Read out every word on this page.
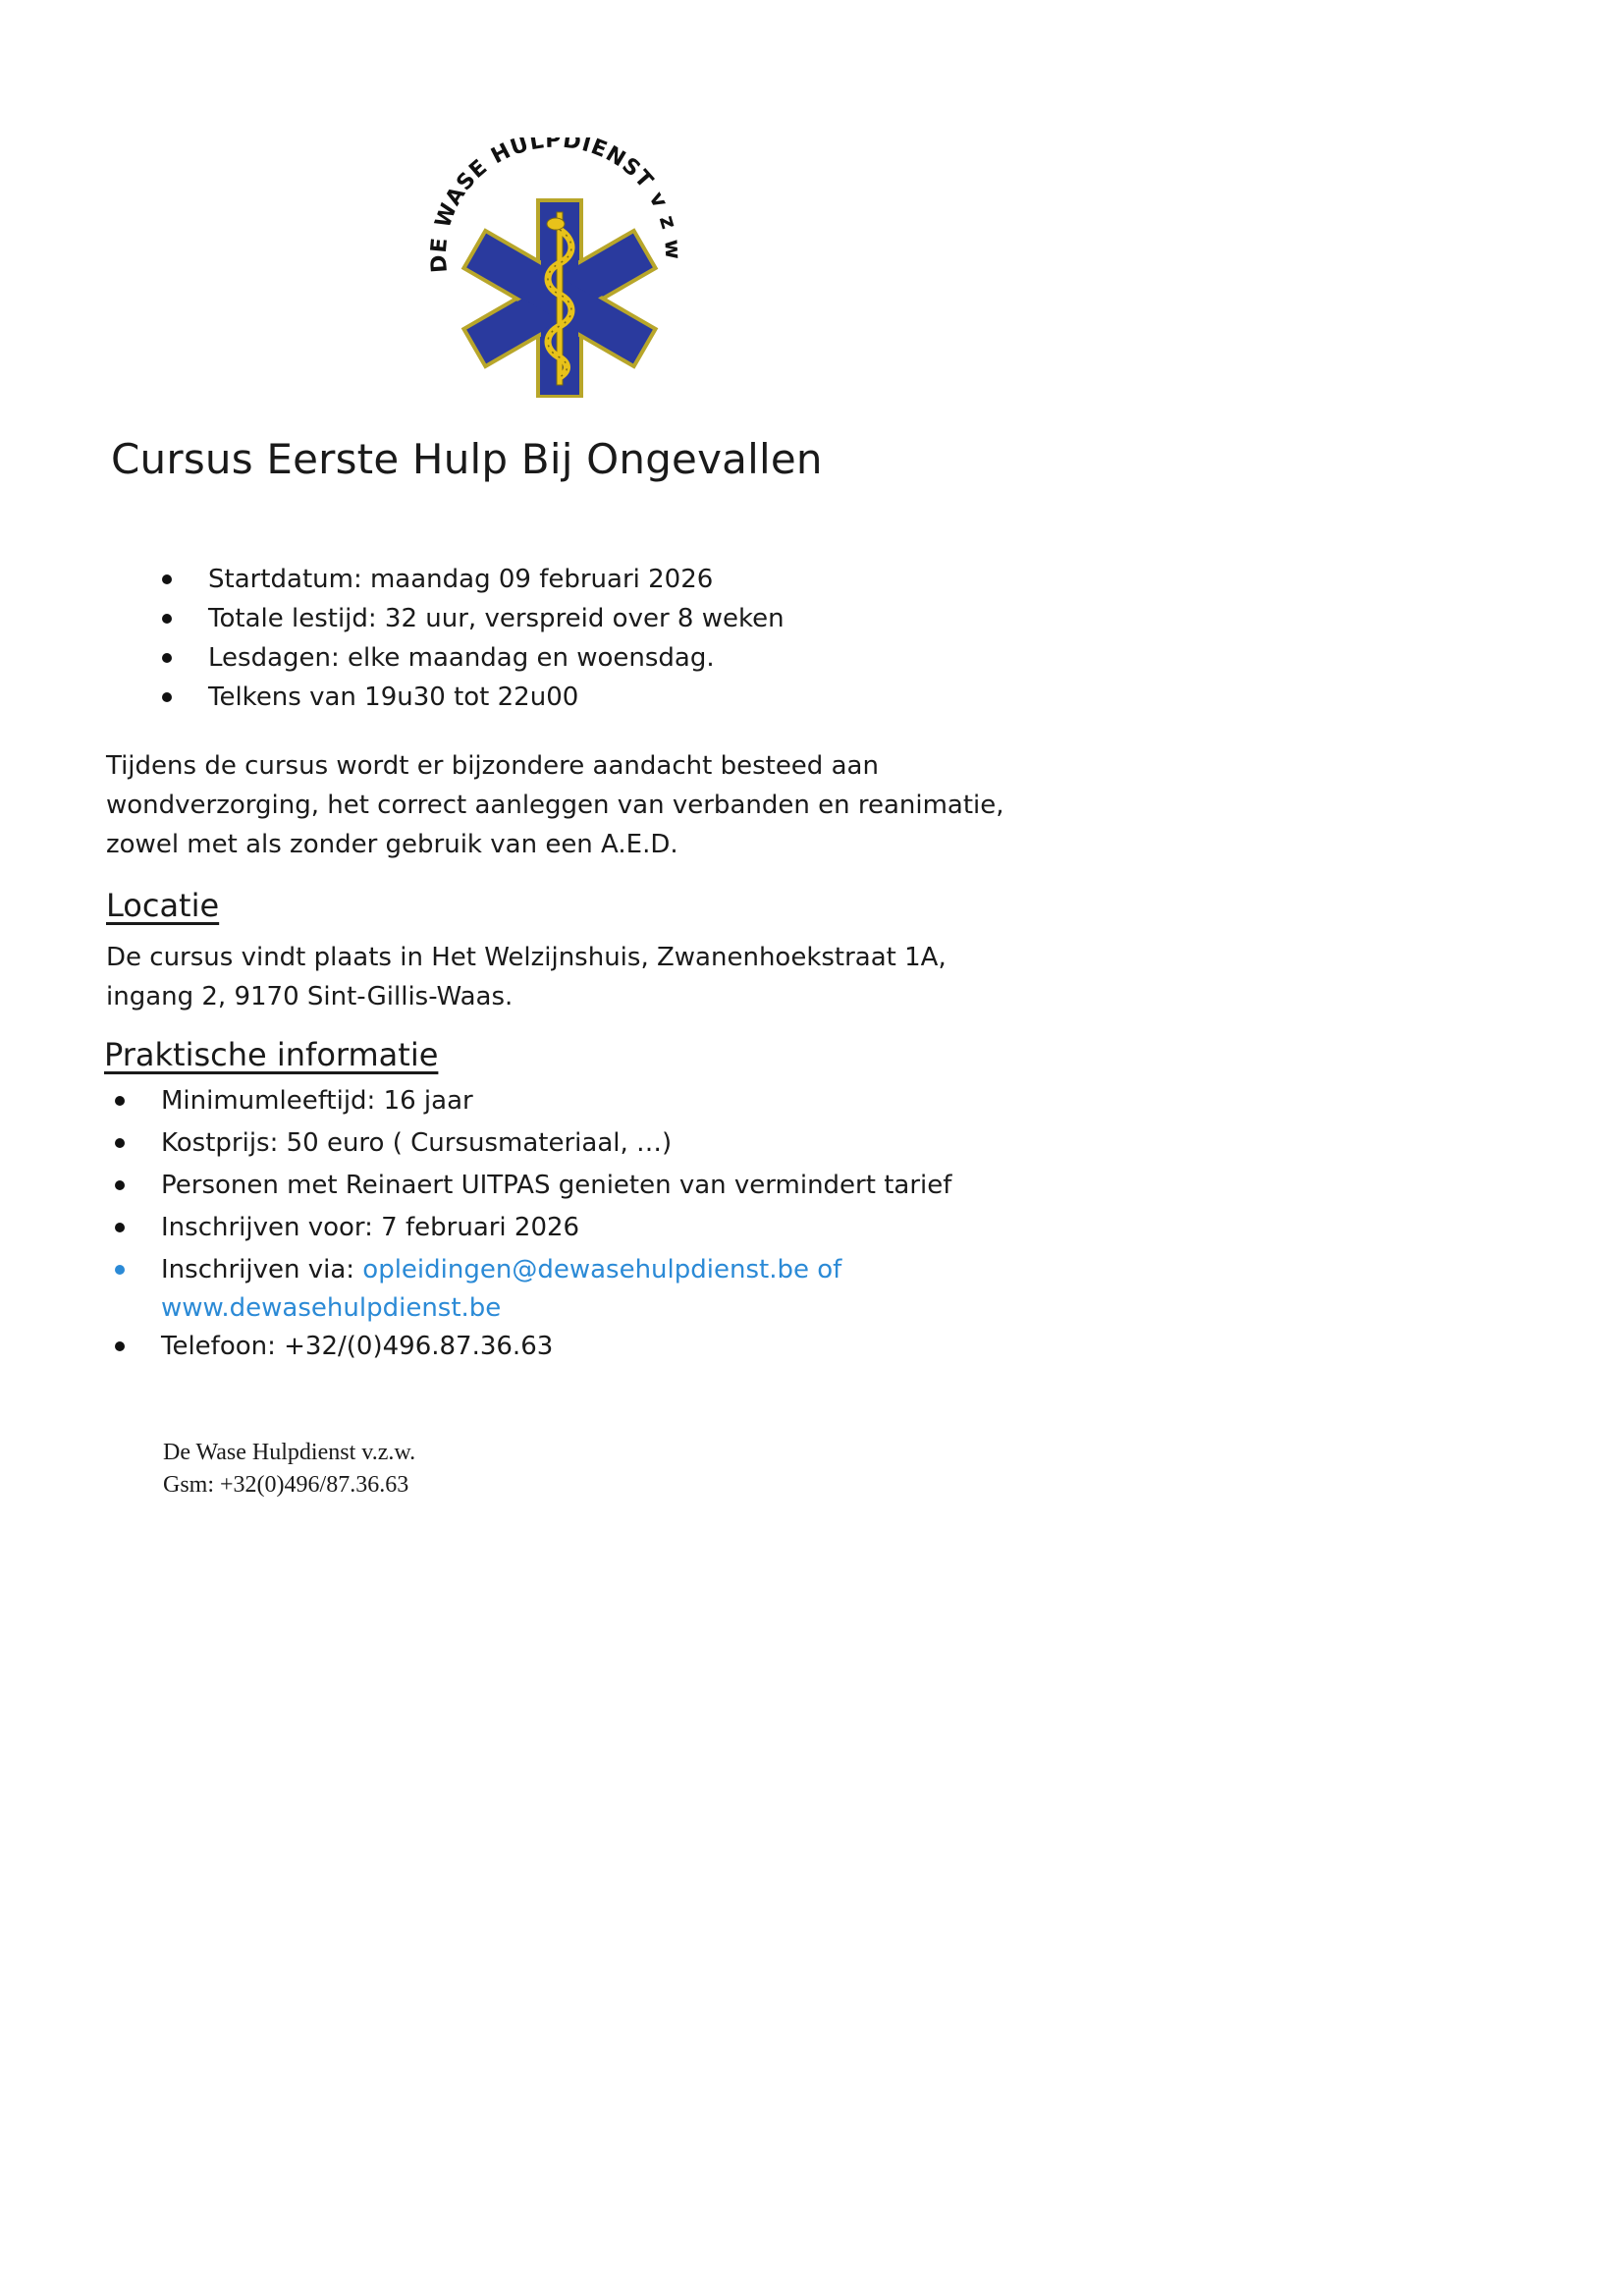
DE WASE HULPDIENST v z w
Cursus Eerste Hulp Bij Ongevallen
Startdatum: maandag 09 februari 2026
Totale lestijd: 32 uur, verspreid over 8 weken
Lesdagen: elke maandag en woensdag.
Telkens van 19u30 tot 22u00

Tijdens de cursus wordt er bijzondere aandacht besteed aan wondverzorging, het correct aanleggen van verbanden en reanimatie, zowel met als zonder gebruik van een A.E.D.

Locatie

De cursus vindt plaats in Het Welzijnshuis, Zwanenhoekstraat 1A,
ingang 2, 9170 Sint-Gillis-Waas.

Praktische informatie
Minimumleeftijd: 16 jaar
Kostprijs: 50 euro ( Cursusmateriaal, …)
Personen met Reinaert UITPAS genieten van vermindert tarief
Inschrijven voor: 7 februari 2026
Inschrijven via: opleidingen@dewasehulpdienst.be of
www.dewasehulpdienst.be
Telefoon: +32/(0)496.87.36.63
De Wase Hulpdienst v.z.w.
Gsm: +32(0)496/87.36.63
